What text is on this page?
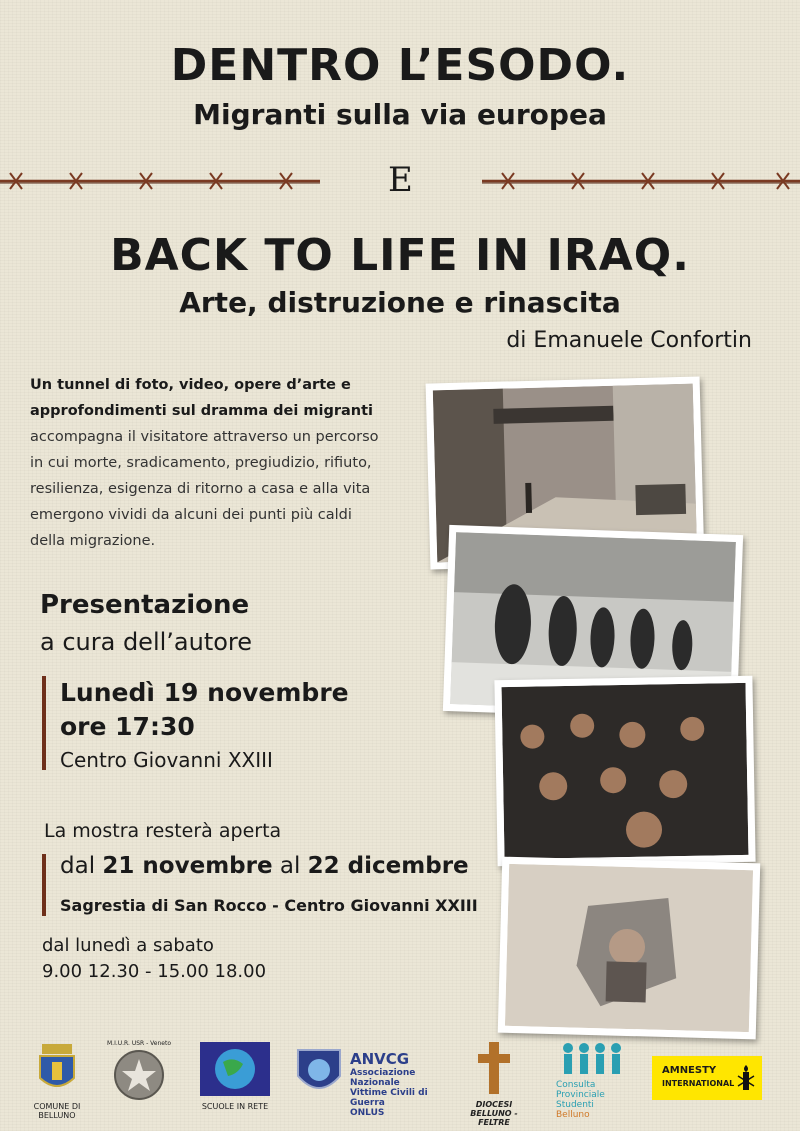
DENTRO L’ESODO.
Migranti sulla via europea
E
BACK TO LIFE IN IRAQ.
Arte, distruzione e rinascita
di Emanuele Confortin
Un tunnel di foto, video, opere d’arte e approfondimenti sul dramma dei migranti accompagna il visitatore attraverso un percorso in cui morte, sradicamento, pregiudizio, rifiuto, resilienza, esigenza di ritorno a casa e alla vita emergono vividi da alcuni dei punti più caldi della migrazione.
Presentazione
a cura dell’autore
Lunedì 19 novembre
ore 17:30
Centro Giovanni XXIII
La mostra resterà aperta
dal 21 novembre al 22 dicembre
Sagrestia di San Rocco - Centro Giovanni XXIII
dal lunedì a sabato
9.00 12.30 - 15.00 18.00
COMUNE DI BELLUNO
M.I.U.R. USR - Veneto
SCUOLE IN RETE
ANVCG
Associazione Nazionale
Vittime Civili di Guerra
ONLUS
DIOCESI
BELLUNO - FELTRE
Consulta
Provinciale
Studenti
Belluno
AMNESTY
INTERNATIONAL
